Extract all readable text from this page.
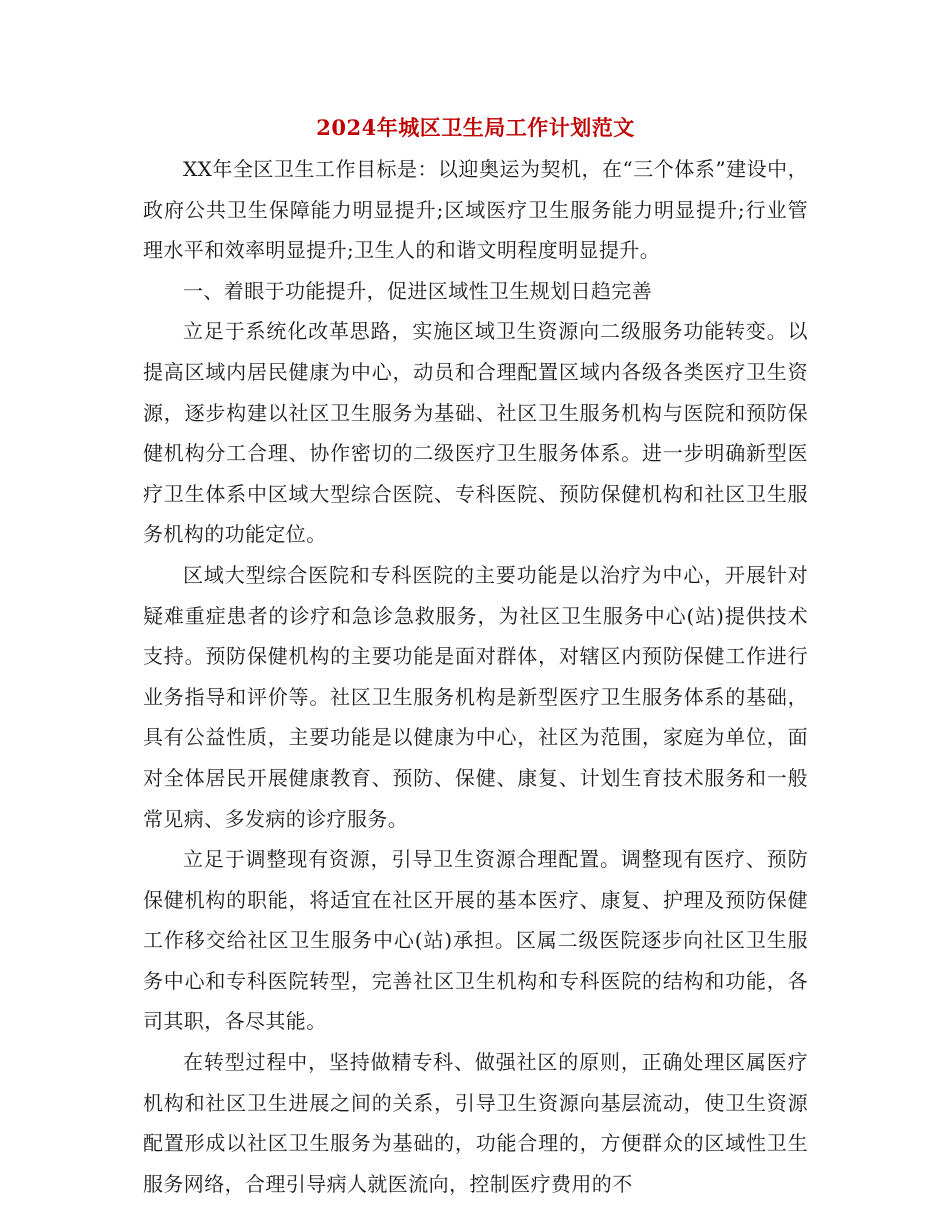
2024年城区卫生局工作计划范文

XX年全区卫生工作目标是：以迎奥运为契机，在“三个体系”建设中，政府公共卫生保障能力明显提升;区域医疗卫生服务能力明显提升;行业管理水平和效率明显提升;卫生人的和谐文明程度明显提升。

一、着眼于功能提升，促进区域性卫生规划日趋完善

立足于系统化改革思路，实施区域卫生资源向二级服务功能转变。以提高区域内居民健康为中心，动员和合理配置区域内各级各类医疗卫生资源，逐步构建以社区卫生服务为基础、社区卫生服务机构与医院和预防保健机构分工合理、协作密切的二级医疗卫生服务体系。进一步明确新型医疗卫生体系中区域大型综合医院、专科医院、预防保健机构和社区卫生服务机构的功能定位。

区域大型综合医院和专科医院的主要功能是以治疗为中心，开展针对疑难重症患者的诊疗和急诊急救服务，为社区卫生服务中心(站)提供技术支持。预防保健机构的主要功能是面对群体，对辖区内预防保健工作进行业务指导和评价等。社区卫生服务机构是新型医疗卫生服务体系的基础，具有公益性质，主要功能是以健康为中心，社区为范围，家庭为单位，面对全体居民开展健康教育、预防、保健、康复、计划生育技术服务和一般常见病、多发病的诊疗服务。

立足于调整现有资源，引导卫生资源合理配置。调整现有医疗、预防保健机构的职能，将适宜在社区开展的基本医疗、康复、护理及预防保健工作移交给社区卫生服务中心(站)承担。区属二级医院逐步向社区卫生服务中心和专科医院转型，完善社区卫生机构和专科医院的结构和功能，各司其职，各尽其能。

在转型过程中，坚持做精专科、做强社区的原则，正确处理区属医疗机构和社区卫生进展之间的关系，引导卫生资源向基层流动，使卫生资源配置形成以社区卫生服务为基础的，功能合理的，方便群众的区域性卫生服务网络，合理引导病人就医流向，控制医疗费用的不
